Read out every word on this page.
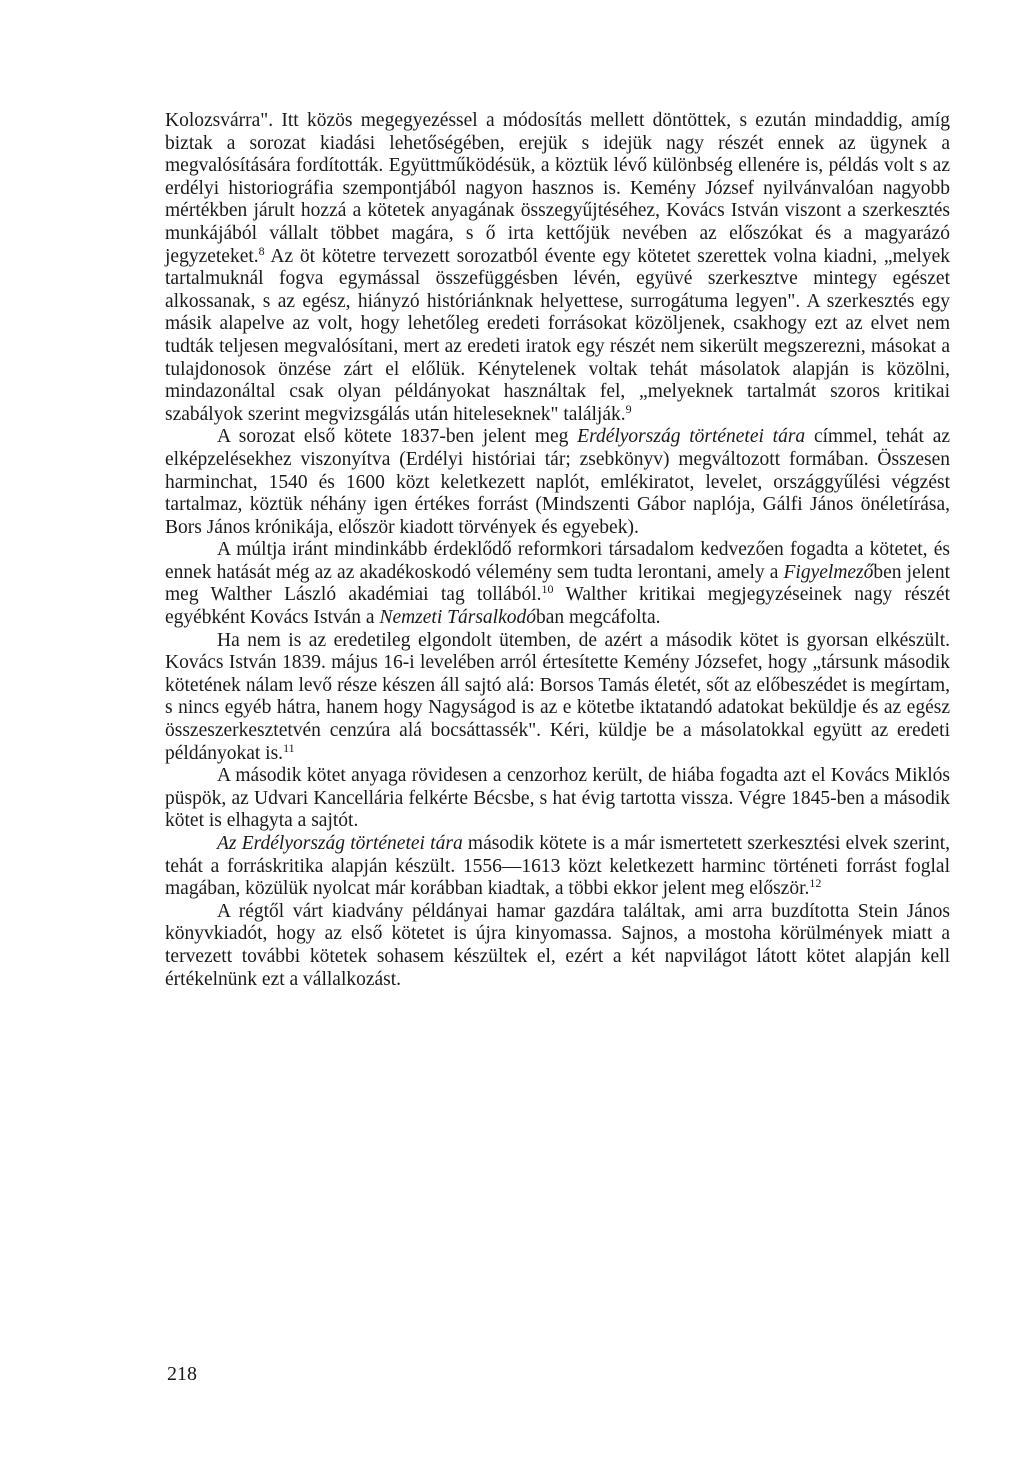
Kolozsvárra". Itt közös megegyezéssel a módosítás mellett döntöttek, s ezután mindaddig, amíg biztak a sorozat kiadási lehetőségében, erejük s idejük nagy részét ennek az ügynek a megvalósítására fordították. Együttműködésük, a köztük lévő különbség ellenére is, példás volt s az erdélyi historiográfia szempontjából nagyon hasznos is. Kemény József nyilvánvalóan nagyobb mértékben járult hozzá a kötetek anyagának összegyűjtéséhez, Kovács István viszont a szerkesztés munkájából vállalt többet magára, s ő irta kettőjük nevében az előszókat és a magyarázó jegyzeteket.$^8$ Az öt kötetre tervezett sorozatból évente egy kötetet szerettek volna kiadni, „melyek tartalmuknál fogva egymással összefüggésben lévén, együvé szerkesztve mintegy egészet alkossanak, s az egész, hiányzó históriánknak helyettese, surrogátuma legyen". A szerkesztés egy másik alapelve az volt, hogy lehetőleg eredeti forrásokat közöljenek, csakhogy ezt az elvet nem tudták teljesen megvalósítani, mert az eredeti iratok egy részét nem sikerült megszerezni, másokat a tulajdonosok önzése zárt el előlük. Kénytelenek voltak tehát másolatok alapján is közölni, mindazonáltal csak olyan példányokat használtak fel, „melyeknek tartalmát szoros kritikai szabályok szerint megvizsgálás után hiteleseknek" találják.$^9$

A sorozat első kötete 1837-ben jelent meg Erdélyország történetei tára címmel, tehát az elképzelésekhez viszonyítva (Erdélyi históriai tár; zsebkönyv) megváltozott formában. Összesen harminchat, 1540 és 1600 közt keletkezett naplót, emlékiratot, levelet, országgyűlési végzést tartalmaz, köztük néhány igen értékes forrást (Mindszenti Gábor naplója, Gálfi János önéletírása, Bors János krónikája, először kiadott törvények és egyebek).

A múltja iránt mindinkább érdeklődő reformkori társadalom kedvezően fogadta a kötetet, és ennek hatását még az az akadékoskodó vélemény sem tudta lerontani, amely a Figyelmezőben jelent meg Walther László akadémiai tag tollából.$^{10}$ Walther kritikai megjegyzéseinek nagy részét egyébként Kovács István a Nemzeti Társalkodóban megcáfolta.

Ha nem is az eredetileg elgondolt ütemben, de azért a második kötet is gyorsan elkészült. Kovács István 1839. május 16-i levelében arról értesítette Kemény Józsefet, hogy „társunk második kötetének nálam levő része készen áll sajtó alá: Borsos Tamás életét, sőt az előbeszédet is megírtam, s nincs egyéb hátra, hanem hogy Nagyságod is az e kötetbe iktatandó adatokat beküldje és az egész összeszerkesztetvén cenzúra alá bocsáttassék". Kéri, küldje be a másolatokkal együtt az eredeti példányokat is.$^{11}$

A második kötet anyaga rövidesen a cenzorhoz került, de hiába fogadta azt el Kovács Miklós püspök, az Udvari Kancellária felkérte Bécsbe, s hat évig tartotta vissza. Végre 1845-ben a második kötet is elhagyta a sajtót.

Az Erdélyország történetei tára második kötete is a már ismertetett szerkesztési elvek szerint, tehát a forráskritika alapján készült. 1556—1613 közt keletkezett harminc történeti forrást foglal magában, közülük nyolcat már korábban kiadtak, a többi ekkor jelent meg először.$^{12}$

A régtől várt kiadvány példányai hamar gazdára találtak, ami arra buzdította Stein János könyvkiadót, hogy az első kötetet is újra kinyomassa. Sajnos, a mostoha körülmények miatt a tervezett további kötetek sohasem készültek el, ezért a két napvilágot látott kötet alapján kell értékelnünk ezt a vállalkozást.

218
